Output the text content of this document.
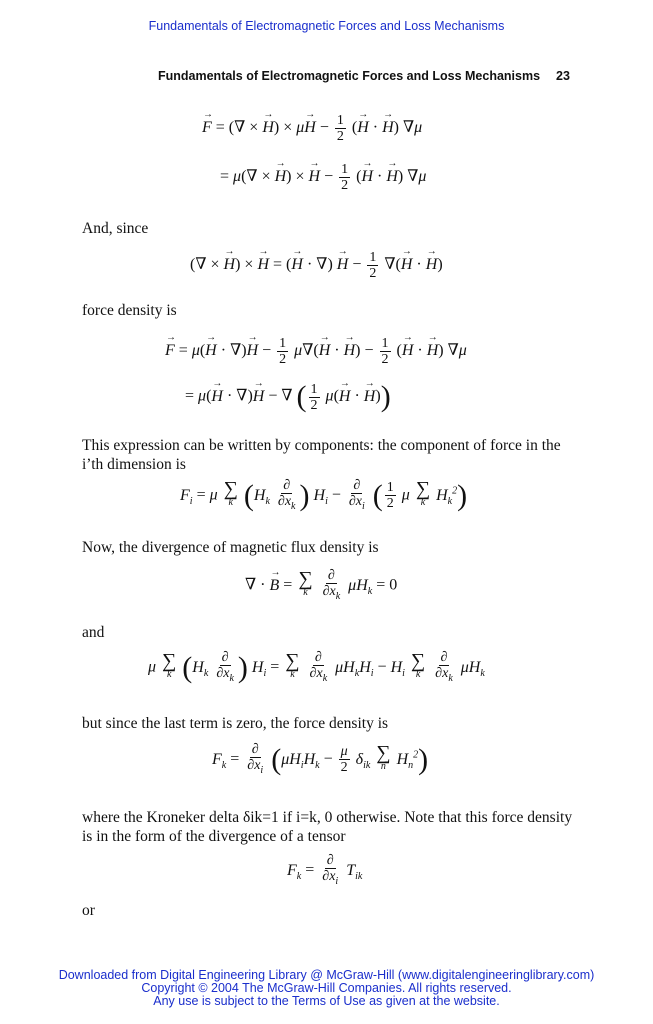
Fundamentals of Electromagnetic Forces and Loss Mechanisms
Fundamentals of Electromagnetic Forces and Loss Mechanisms 23
→ F = (∇ × → $H) \times \mu\to H - \frac{1}{2}$ (→ H · → H) ∇μ
= μ(∇ × → H) × → $H - \frac{1}{2}$ (→ H · → H) ∇μ
And, since
(∇ × → H) × → H = (→ H · ∇) → $H - \frac{1}{2}$ ∇(→ H · → H)
force density is
→ F = μ(→ H · ∇)→ $H - \frac{1}{2} \mu\nabla(\to H$ · → $H) - \frac{1}{2}$ (→ H · → H) ∇μ
= μ(→ H · ∇)→ H − ∇ ( $\frac{1}{2} \mu(\to H$ · → H))
This expression can be written by components: the component of force in the i’th dimension is
$F_i = \mu$ ∑
k ($H_k \frac{\partial}{\partial x_k}$ ) $H_i - \frac{\partial}{\partial x_i}$ ( $\frac{1}{2}$ μ ∑
k $H_k^2$)
Now, the divergence of magnetic flux density is
∇ · → B = ∑
k
$\frac{\partial}{\partial x_k} \mu H_k = 0$
and
μ ∑
k ($H_k \frac{\partial}{\partial x_k}$ ) $H_i$ = ∑
k
$\frac{\partial}{\partial x_k} \mu H_kH_i - H_i$
∑
k
$\frac{\partial}{\partial x_k} \mu H_k$
but since the last term is zero, the force density is
$F_k = \frac{\partial}{\partial x_i} (\mu H_iH_k - \frac{\mu}{2} \delta_{ik}$
∑
n $H_n^2$)
where the Kroneker delta δik=1 if i=k, 0 otherwise. Note that this force density is in the form of the divergence of a tensor
$F_k = \frac{\partial}{\partial x_i} T_{ik}$
or
Downloaded from Digital Engineering Library @ McGraw-Hill (www.digitalengineeringlibrary.com)
Copyright © 2004 The McGraw-Hill Companies. All rights reserved.
Any use is subject to the Terms of Use as given at the website.
